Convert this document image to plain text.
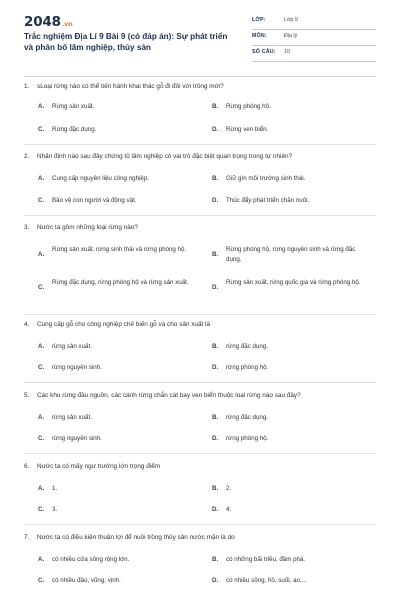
2048.vn
Trắc nghiệm Địa Lí 9 Bài 9 (có đáp án): Sự phát triển và phân bố lâm nghiệp, thủy sản
LỚP:	Lớp 9
MÔN:	Địa lý
SỐ CÂU: 10
1. sLoại rừng nào có thể tiến hành khai thác gỗ đi đôi với trồng mới?
A. Rừng sản xuất.	B. Rừng phòng hộ.
C. Rừng đặc dụng.	D. Rừng ven biển.
2. Nhận định nào sau đây chứng tỏ lâm nghiệp có vai trò đặc biệt quan trọng trong tự nhiên?
A. Cung cấp nguyên liệu công nghiệp.	B. Giữ gìn môi trường sinh thái.
C. Bảo vệ con người và động vật.	D. Thúc đẩy phát triển chăn nuôi.
3. Nước ta gồm những loại rừng nào?
A.
Rừng sản xuất, rừng sinh thái và rừng phòng hộ.
B.
Rừng phòng hộ, rừng nguyên sinh và rừng đặc dụng.
C.
Rừng đặc dụng, rừng phòng hộ và rừng sản xuất.
D.
Rừng sản xuất, rừng quốc gia và rừng phòng hộ.
4. Cung cấp gỗ cho công nghiệp chế biến gỗ và cho sản xuất là
A. rừng sản xuất.	B. rừng đặc dụng.
C. rừng nguyên sinh.	D. rừng phòng hộ.
5. Các khu rừng đầu nguồn, các cánh rừng chắn cát bay ven biển thuộc loại rừng nào sau đây?
A. rừng sản xuất.	B. rừng đặc dụng.
C. rừng nguyên sinh.	D. rừng phòng hộ.
6. Nước ta có mấy ngư trường lớn trọng điểm
A. 1.	B. 2.
C. 3.	D. 4.
7. Nước ta có điều kiện thuận lợi để nuôi trồng thủy sản nước mặn là do
A. có nhiều cửa sông rộng lớn.	B. có những bãi triều, đầm phá.
C. có nhiều đảo, vũng, vịnh.	D. có nhiều sông, hồ, suối, ao,...
